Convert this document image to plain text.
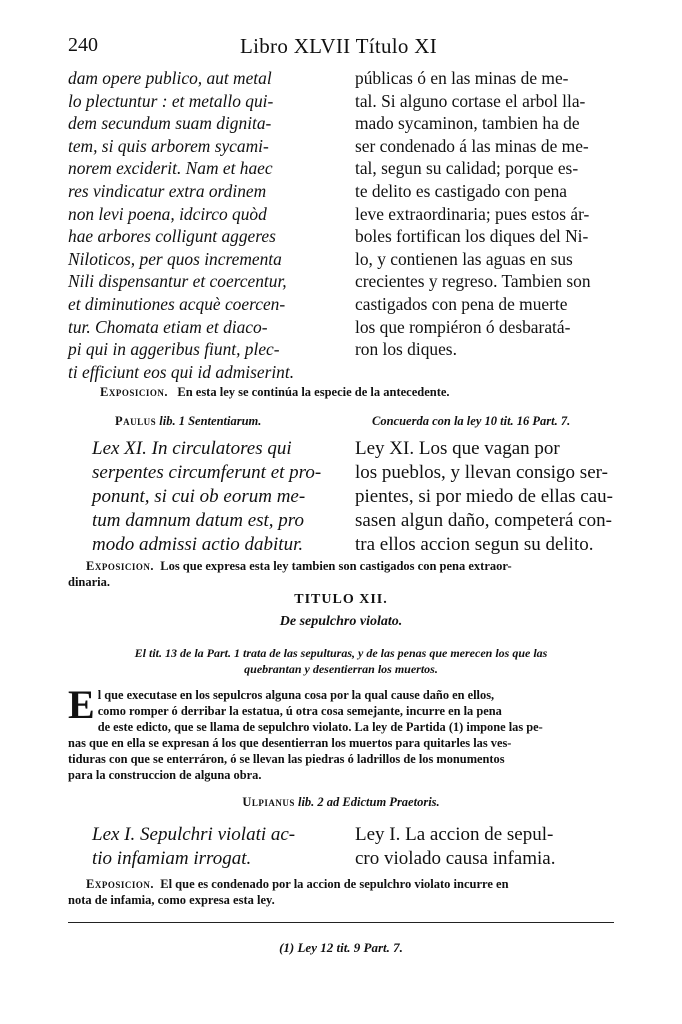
240	Libro XLVII Título XI
dam opere publico, aut metal
lo plectuntur : et metallo qui-
dem secundum suam dignita-
tem, si quis arborem sycami-
norem exciderit. Nam et haec
res vindicatur extra ordinem
non levi poena, idcirco quòd
hae arbores colligunt aggeres
Niloticos, per quos incrementa
Nili dispensantur et coercentur,
et diminutiones acquè coercen-
tur. Chomata etiam et diaco-
pi qui in aggeribus fiunt, plec-
ti efficiunt eos qui id admiserint.
públicas ó en las minas de me-
tal. Si alguno cortase el arbol lla-
mado sycaminon, tambien ha de
ser condenado á las minas de me-
tal, segun su calidad; porque es-
te delito es castigado con pena
leve extraordinaria; pues estos ár-
boles fortifican los diques del Ni-
lo, y contienen las aguas en sus
crecientes y regreso. Tambien son
castigados con pena de muerte
los que rompiéron ó desbaratá-
ron los diques.
Exposicion. En esta ley se continúa la especie de la antecedente.
Paulus lib. 1 Sententiarum.	Concuerda con la ley 10 tit. 16 Part. 7.
Lex XI. In circulatores qui
serpentes circumferunt et pro-
ponunt, si cui ob eorum me-
tum damnum datum est, pro
modo admissi actio dabitur.
Ley XI. Los que vagan por
los pueblos, y llevan consigo ser-
pientes, si por miedo de ellas cau-
sasen algun daño, competerá con-
tra ellos accion segun su delito.
Exposicion. Los que expresa esta ley tambien son castigados con pena extraor-
dinaria.
TITULO XII.
De sepulchro violato.
El tit. 13 de la Part. 1 trata de las sepulturas, y de las penas que merecen los que las
quebrantan y desentierran los muertos.
E l que executase en los sepulcros alguna cosa por la qual cause daño en ellos,
como romper ó derribar la estatua, ú otra cosa semejante, incurre en la pena
de este edicto, que se llama de sepulchro violato. La ley de Partida (1) impone las pe-
nas que en ella se expresan á los que desentierran los muertos para quitarles las ves-
tiduras con que se enterráron, ó se llevan las piedras ó ladrillos de los monumentos
para la construccion de alguna obra.
Ulpianus lib. 2 ad Edictum Praetoris.
Lex I. Sepulchri violati ac-
tio infamiam irrogat.
Ley I. La accion de sepul-
cro violado causa infamia.
Exposicion. El que es condenado por la accion de sepulchro violato incurre en
nota de infamia, como expresa esta ley.
(1) Ley 12 tit. 9 Part. 7.
